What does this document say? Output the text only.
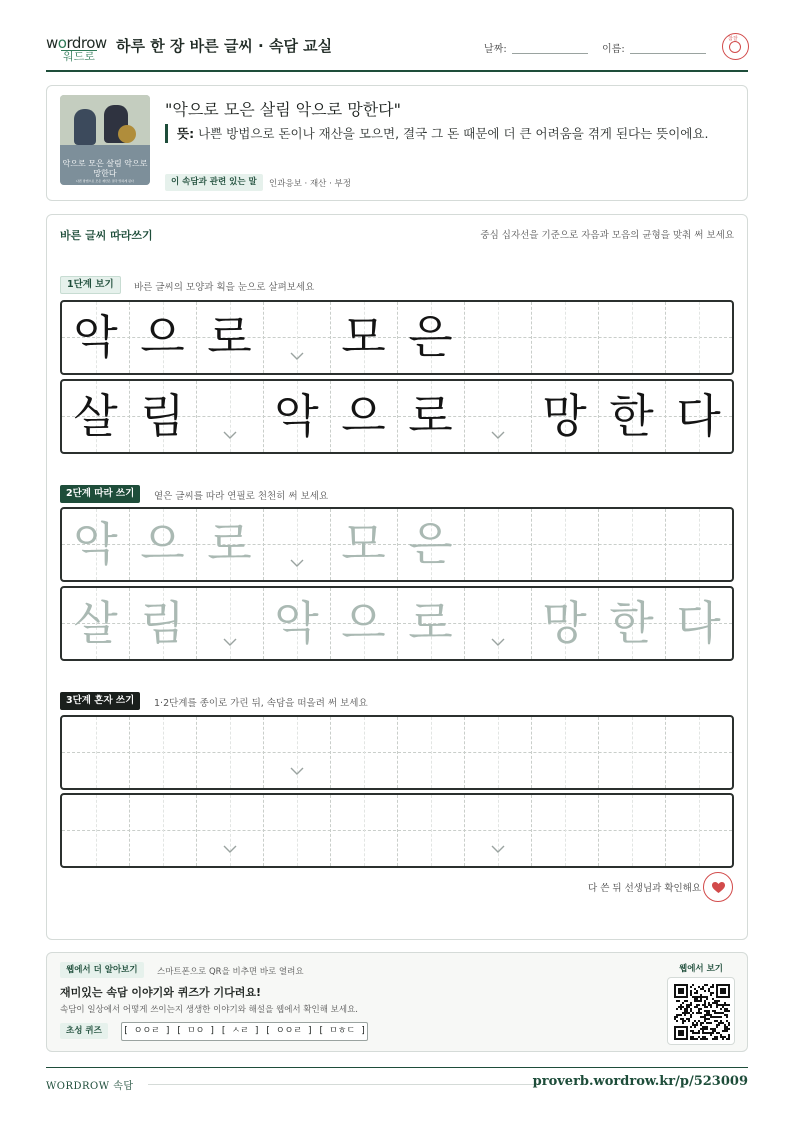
wordrow
워드로
하루 한 장 바른 글씨 · 속담 교실	날짜:	이름:
참잘
악으로 모은 살림 악으로 망한다
나쁜 방법으로 모은 재산은 결국 망하게 된다
"악으로 모은 살림 악으로 망한다"
뜻: 나쁜 방법으로 돈이나 재산을 모으면, 결국 그 돈 때문에 더 큰 어려움을 겪게 된다는 뜻이에요.
이 속담과 관련 있는 말	인과응보 · 재산 · 부정
바른 글씨 따라쓰기	중심 십자선을 기준으로 자음과 모음의 균형을 맞춰 써 보세요
1단계 보기	바른 글씨의 모양과 획을 눈으로 살펴보세요
악 으 로 모 은
살 림 악 으 로 망 한 다
2단계 따라 쓰기	옅은 글씨를 따라 연필로 천천히 써 보세요
악 으 로 모 은
살 림 악 으 로 망 한 다
3단계 혼자 쓰기	1·2단계를 종이로 가린 뒤, 속담을 떠올려 써 보세요
다 쓴 뒤 선생님과 확인해요
웹에서 더 알아보기	스마트폰으로 QR을 비추면 바로 열려요
재미있는 속담 이야기와 퀴즈가 기다려요!
속담이 일상에서 어떻게 쓰이는지 생생한 이야기와 해설을 웹에서 확인해 보세요.
초성 퀴즈	[ ㅇㅇㄹ ] [ ㅁㅇ ] [ ㅅㄹ ] [ ㅇㅇㄹ ] [ ㅁㅎㄷ ]
웹에서 보기
WORDROW 속담	proverb.wordrow.kr/p/523009
